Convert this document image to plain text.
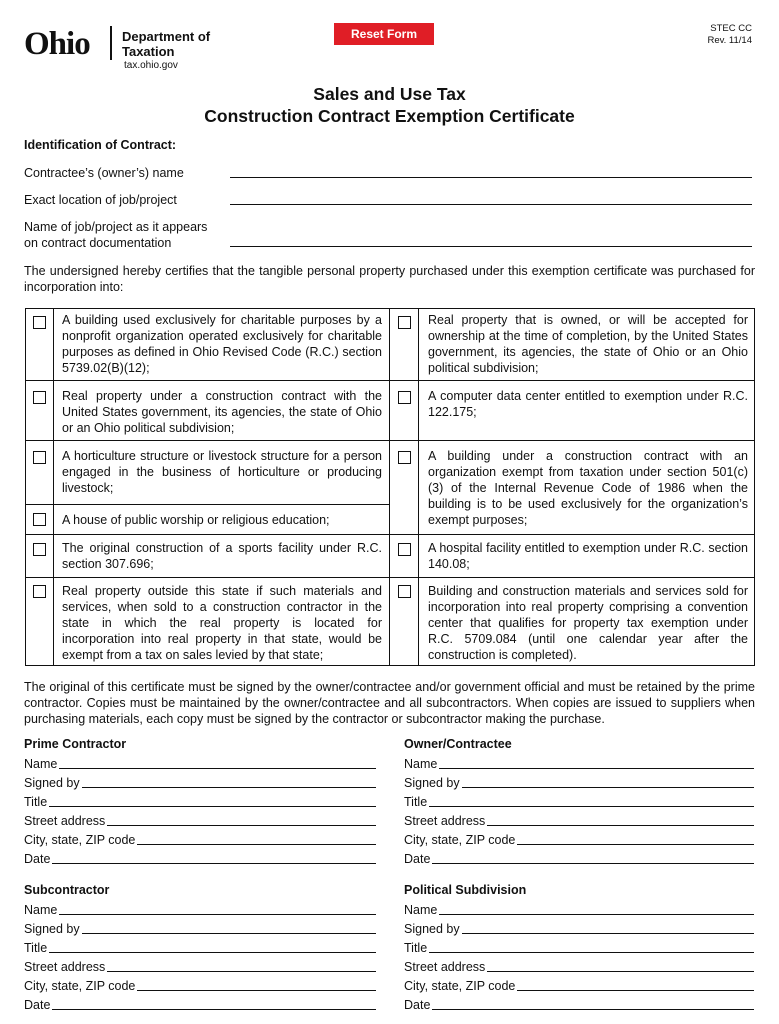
Ohio Department of
Taxation
tax.ohio.gov
Reset Form	STEC CC
Rev. 11/14
Sales and Use Tax
Construction Contract Exemption Certificate
Identification of Contract:
Contractee’s (owner’s) name
Exact location of job/project
Name of job/project as it appears
on contract documentation
The undersigned hereby certifies that the tangible personal property purchased under this exemption certificate was purchased for incorporation into:
A building used exclusively for charitable purposes by a nonprofit organization operated exclusively for charitable purposes as defined in Ohio Revised Code (R.C.) section 5739.02(B)(12);
Real property that is owned, or will be accepted for ownership at the time of completion, by the United States government, its agencies, the state of Ohio or an Ohio political subdivision;
Real property under a construction contract with the United States government, its agencies, the state of Ohio or an Ohio political subdivision;
A computer data center entitled to exemption under R.C. 122.175;
A horticulture structure or livestock structure for a person engaged in the business of horticulture or producing livestock;
A building under a construction contract with an organization exempt from taxation under section 501(c)(3) of the Internal Revenue Code of 1986 when the building is to be used exclusively for the organization’s exempt purposes;
A house of public worship or religious education;
The original construction of a sports facility under R.C. section 307.696;
A hospital facility entitled to exemption under R.C. section 140.08;
Real property outside this state if such materials and services, when sold to a construction contractor in the state in which the real property is located for incorporation into real property in that state, would be exempt from a tax on sales levied by that state;
Building and construction materials and services sold for incorporation into real property comprising a convention center that qualifies for property tax exemption under R.C. 5709.084 (until one calendar year after the construction is completed).
The original of this certificate must be signed by the owner/contractee and/or government official and must be retained by the prime contractor. Copies must be maintained by the owner/contractee and all subcontractors. When copies are issued to suppliers when purchasing materials, each copy must be signed by the contractor or subcontractor making the purchase.
Prime Contractor
Name
Signed by
Title
Street address
City, state, ZIP code
Date
Owner/Contractee
Name
Signed by
Title
Street address
City, state, ZIP code
Date
Subcontractor
Name
Signed by
Title
Street address
City, state, ZIP code
Date
Political Subdivision
Name
Signed by
Title
Street address
City, state, ZIP code
Date
